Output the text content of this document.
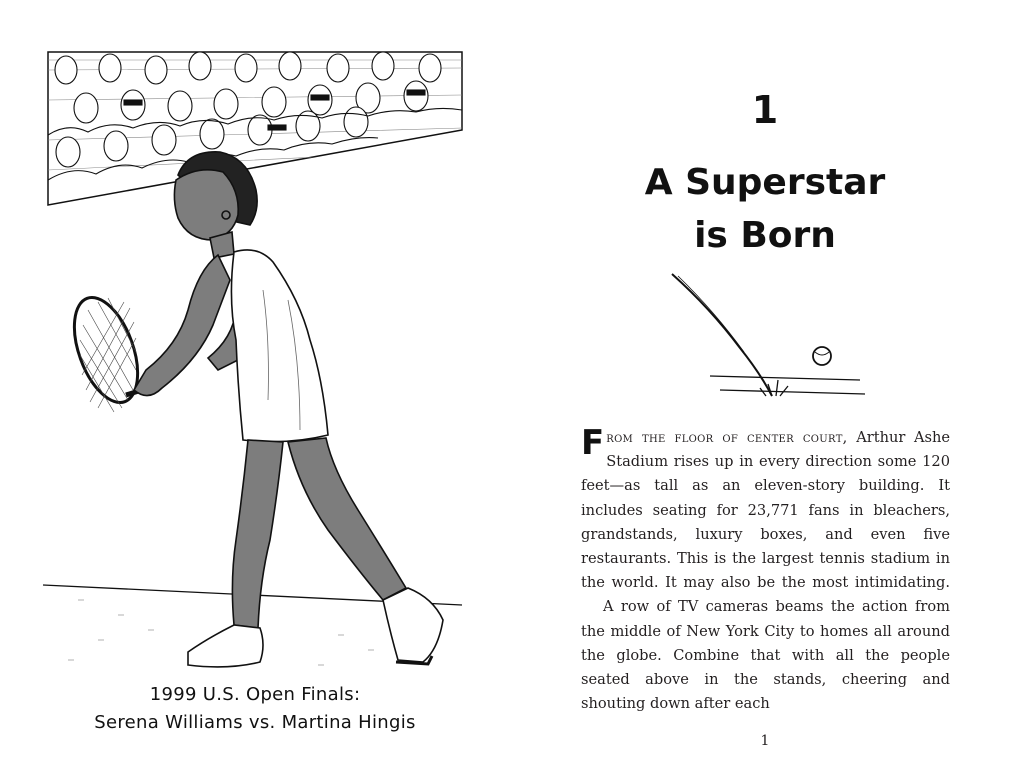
1999 U.S. Open Finals:
Serena Williams vs. Martina Hingis
1
A Superstar
is Born

From the floor of center court, Arthur Ashe Stadium rises up in every direction some 120 feet—as tall as an eleven-story building. It includes seating for 23,771 fans in bleachers, grandstands, luxury boxes, and even five restaurants. This is the largest tennis stadium in the world. It may also be the most intimidating.

A row of TV cameras beams the action from the middle of New York City to homes all around the globe. Combine that with all the people seated above in the stands, cheering and shouting down after each

1
